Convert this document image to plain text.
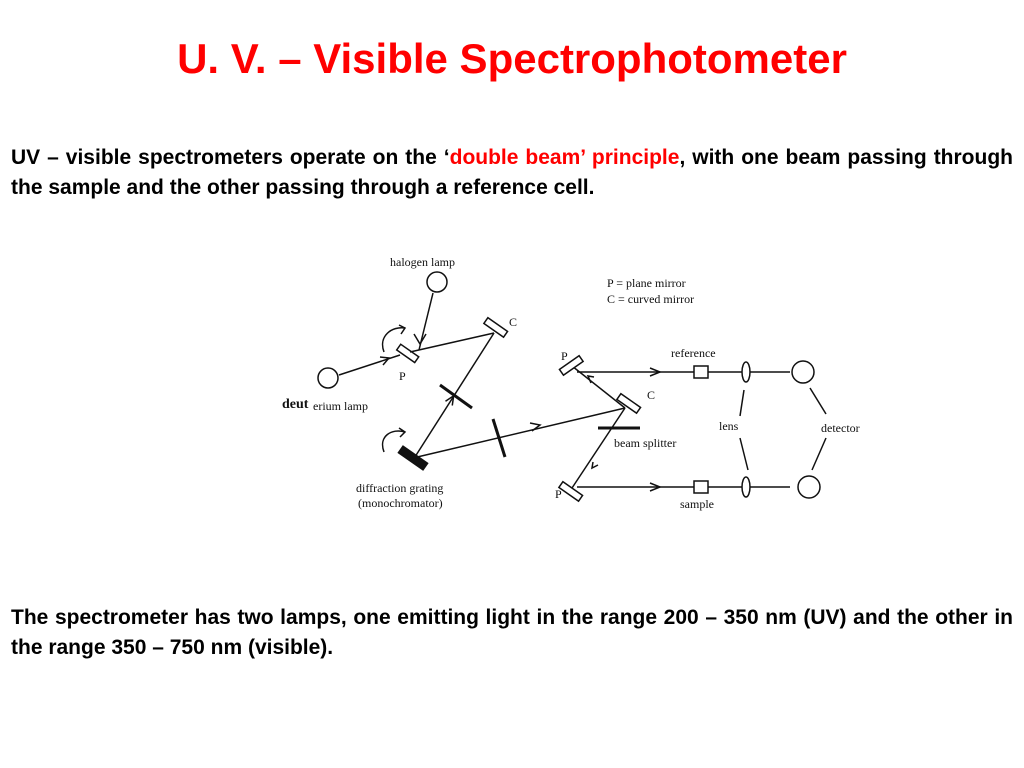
U. V. – Visible Spectrophotometer
UV – visible spectrometers operate on the ‘double beam’ principle, with one beam passing through the sample and the other passing through a reference cell.
halogen lamp
P = plane mirror
C = curved mirror
C
P
deut erium lamp
P	reference
C
lens	detector
beam splitter
diffraction grating
(monochromator)
P
sample
The spectrometer has two lamps, one emitting light in the range 200 – 350 nm (UV) and the other in the range 350 – 750 nm (visible).
